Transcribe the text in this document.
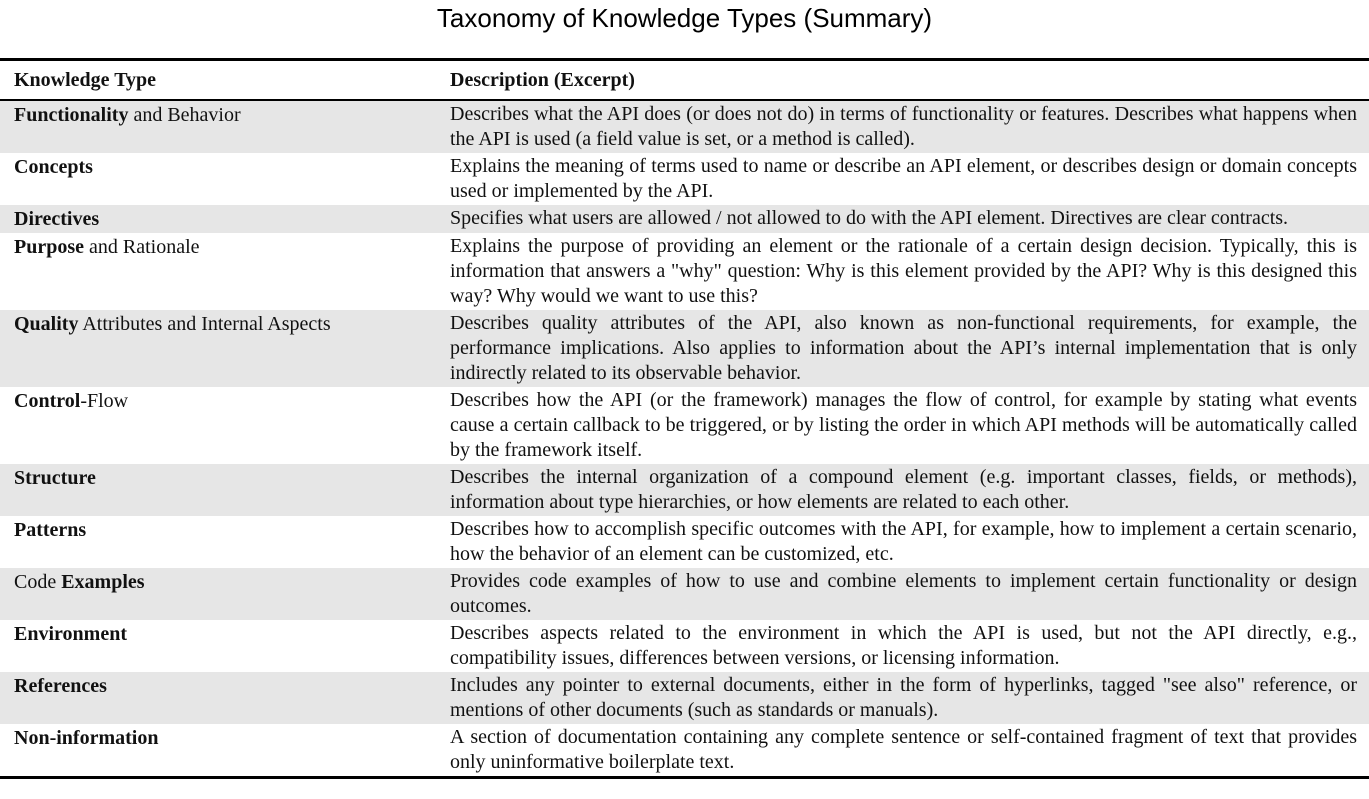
Taxonomy of Knowledge Types (Summary)
Knowledge Type	Description (Excerpt)
Functionality and Behavior	Describes what the API does (or does not do) in terms of functionality or features. Describes what happens when the API is used (a field value is set, or a method is called).
Concepts	Explains the meaning of terms used to name or describe an API element, or describes design or domain concepts used or implemented by the API.
Directives	Specifies what users are allowed / not allowed to do with the API element. Directives are clear contracts.
Purpose and Rationale	Explains the purpose of providing an element or the rationale of a certain design decision. Typically, this is information that answers a "why" question: Why is this element provided by the API? Why is this designed this way? Why would we want to use this?
Quality Attributes and Internal Aspects	Describes quality attributes of the API, also known as non-functional requirements, for example, the performance implications. Also applies to information about the API’s internal implementation that is only indirectly related to its observable behavior.
Control-Flow	Describes how the API (or the framework) manages the flow of control, for example by stating what events cause a certain callback to be triggered, or by listing the order in which API methods will be automatically called by the framework itself.
Structure	Describes the internal organization of a compound element (e.g. important classes, fields, or methods), information about type hierarchies, or how elements are related to each other.
Patterns	Describes how to accomplish specific outcomes with the API, for example, how to implement a certain scenario, how the behavior of an element can be customized, etc.
Code Examples	Provides code examples of how to use and combine elements to implement certain functionality or design outcomes.
Environment	Describes aspects related to the environment in which the API is used, but not the API directly, e.g., compatibility issues, differences between versions, or licensing information.
References	Includes any pointer to external documents, either in the form of hyperlinks, tagged "see also" reference, or mentions of other documents (such as standards or manuals).
Non-information	A section of documentation containing any complete sentence or self-contained fragment of text that provides only uninformative boilerplate text.
